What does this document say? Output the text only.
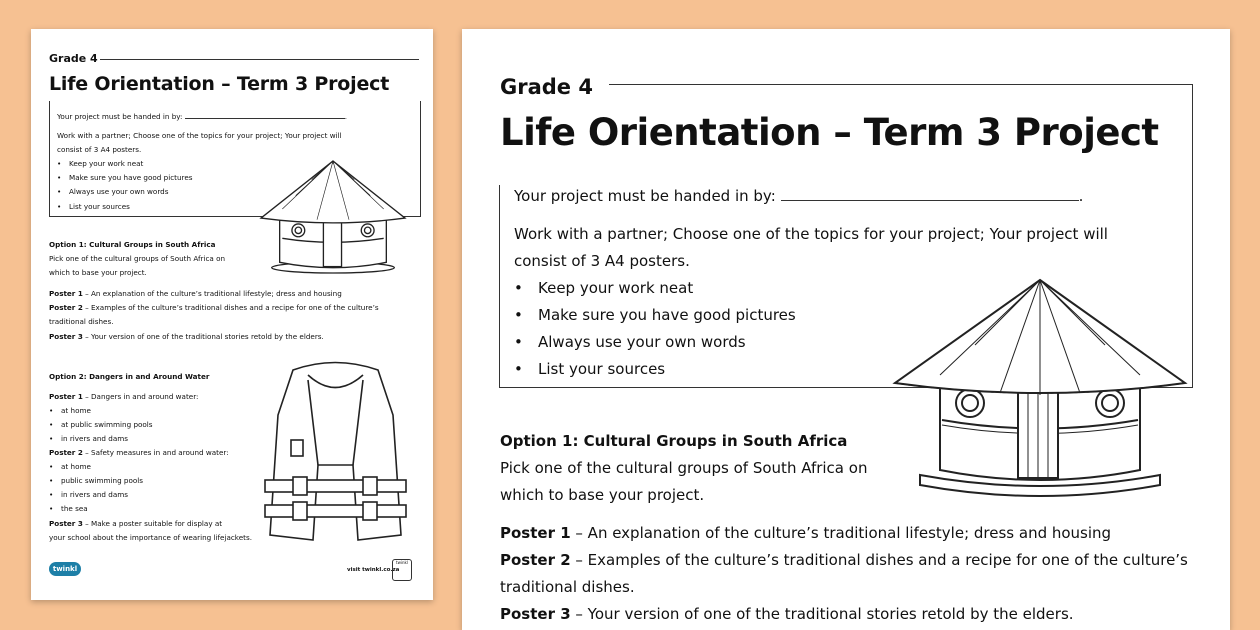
Grade 4
Life Orientation – Term 3 Project
Your project must be handed in by:	.
Work with a partner; Choose one of the topics for your project; Your project will
consist of 3 A4 posters.
• Keep your work neat
• Make sure you have good pictures
• Always use your own words
• List your sources
Option 1: Cultural Groups in South Africa
Pick one of the cultural groups of South Africa on
which to base your project.
Poster 1 – An explanation of the culture’s traditional lifestyle; dress and housing
Poster 2 – Examples of the culture’s traditional dishes and a recipe for one of the culture’s
traditional dishes.
Poster 3 – Your version of one of the traditional stories retold by the elders.
Option 2: Dangers in and Around Water
Poster 1 – Dangers in and around water:
• at home
• at public swimming pools
• in rivers and dams
Poster 2 – Safety measures in and around water:
• at home
• public swimming pools
• in rivers and dams
• the sea
Poster 3 – Make a poster suitable for display at
your school about the importance of wearing lifejackets.
twinkl	visit twinkl.co.za
twinkl
Grade 4
Life Orientation – Term 3 Project
Your project must be handed in by:	.
Work with a partner; Choose one of the topics for your project; Your project will
consist of 3 A4 posters.
• Keep your work neat
• Make sure you have good pictures
• Always use your own words
• List your sources
Option 1: Cultural Groups in South Africa
Pick one of the cultural groups of South Africa on
which to base your project.
Poster 1 – An explanation of the culture’s traditional lifestyle; dress and housing
Poster 2 – Examples of the culture’s traditional dishes and a recipe for one of the culture’s
traditional dishes.
Poster 3 – Your version of one of the traditional stories retold by the elders.
